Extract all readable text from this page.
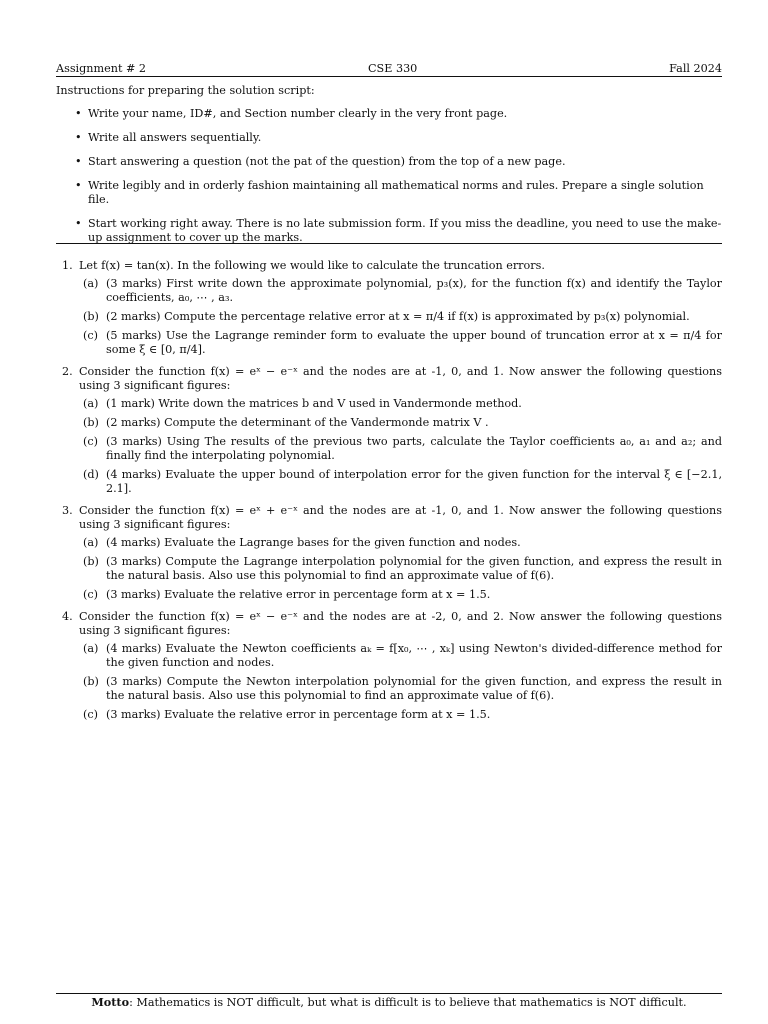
Assignment # 2	CSE 330	Fall 2024

Instructions for preparing the solution script:

• Write your name, ID#, and Section number clearly in the very front page.
• Write all answers sequentially.
• Start answering a question (not the pat of the question) from the top of a new page.
• Write legibly and in orderly fashion maintaining all mathematical norms and rules. Prepare a single solution file.
• Start working right away. There is no late submission form. If you miss the deadline, you need to use the make-up assignment to cover up the marks.
1. Let f(x) = tan(x). In the following we would like to calculate the truncation errors.
(a) (3 marks) First write down the approximate polynomial, p₃(x), for the function f(x) and identify the Taylor coefficients, a₀, ⋯ , a₃.
(b) (2 marks) Compute the percentage relative error at x = π/4 if f(x) is approximated by p₃(x) polynomial.
(c) (5 marks) Use the Lagrange reminder form to evaluate the upper bound of truncation error at x = π/4 for some ξ ∈ [0, π/4].
2. Consider the function f(x) = eˣ − e⁻ˣ and the nodes are at -1, 0, and 1. Now answer the following questions using 3 significant figures:
(a) (1 mark) Write down the matrices b and V used in Vandermonde method.
(b) (2 marks) Compute the determinant of the Vandermonde matrix V .
(c) (3 marks) Using The results of the previous two parts, calculate the Taylor coefficients a₀, a₁ and a₂; and finally find the interpolating polynomial.
(d) (4 marks) Evaluate the upper bound of interpolation error for the given function for the interval ξ ∈ [−2.1, 2.1].
3. Consider the function f(x) = eˣ + e⁻ˣ and the nodes are at -1, 0, and 1. Now answer the following questions using 3 significant figures:
(a) (4 marks) Evaluate the Lagrange bases for the given function and nodes.
(b) (3 marks) Compute the Lagrange interpolation polynomial for the given function, and express the result in the natural basis. Also use this polynomial to find an approximate value of f(6).
(c) (3 marks) Evaluate the relative error in percentage form at x = 1.5.
4. Consider the function f(x) = eˣ − e⁻ˣ and the nodes are at -2, 0, and 2. Now answer the following questions using 3 significant figures:
(a) (4 marks) Evaluate the Newton coefficients aₖ = f[x₀, ⋯ , xₖ] using Newton's divided-difference method for the given function and nodes.
(b) (3 marks) Compute the Newton interpolation polynomial for the given function, and express the result in the natural basis. Also use this polynomial to find an approximate value of f(6).
(c) (3 marks) Evaluate the relative error in percentage form at x = 1.5.
Motto: Mathematics is NOT difficult, but what is difficult is to believe that mathematics is NOT difficult.
